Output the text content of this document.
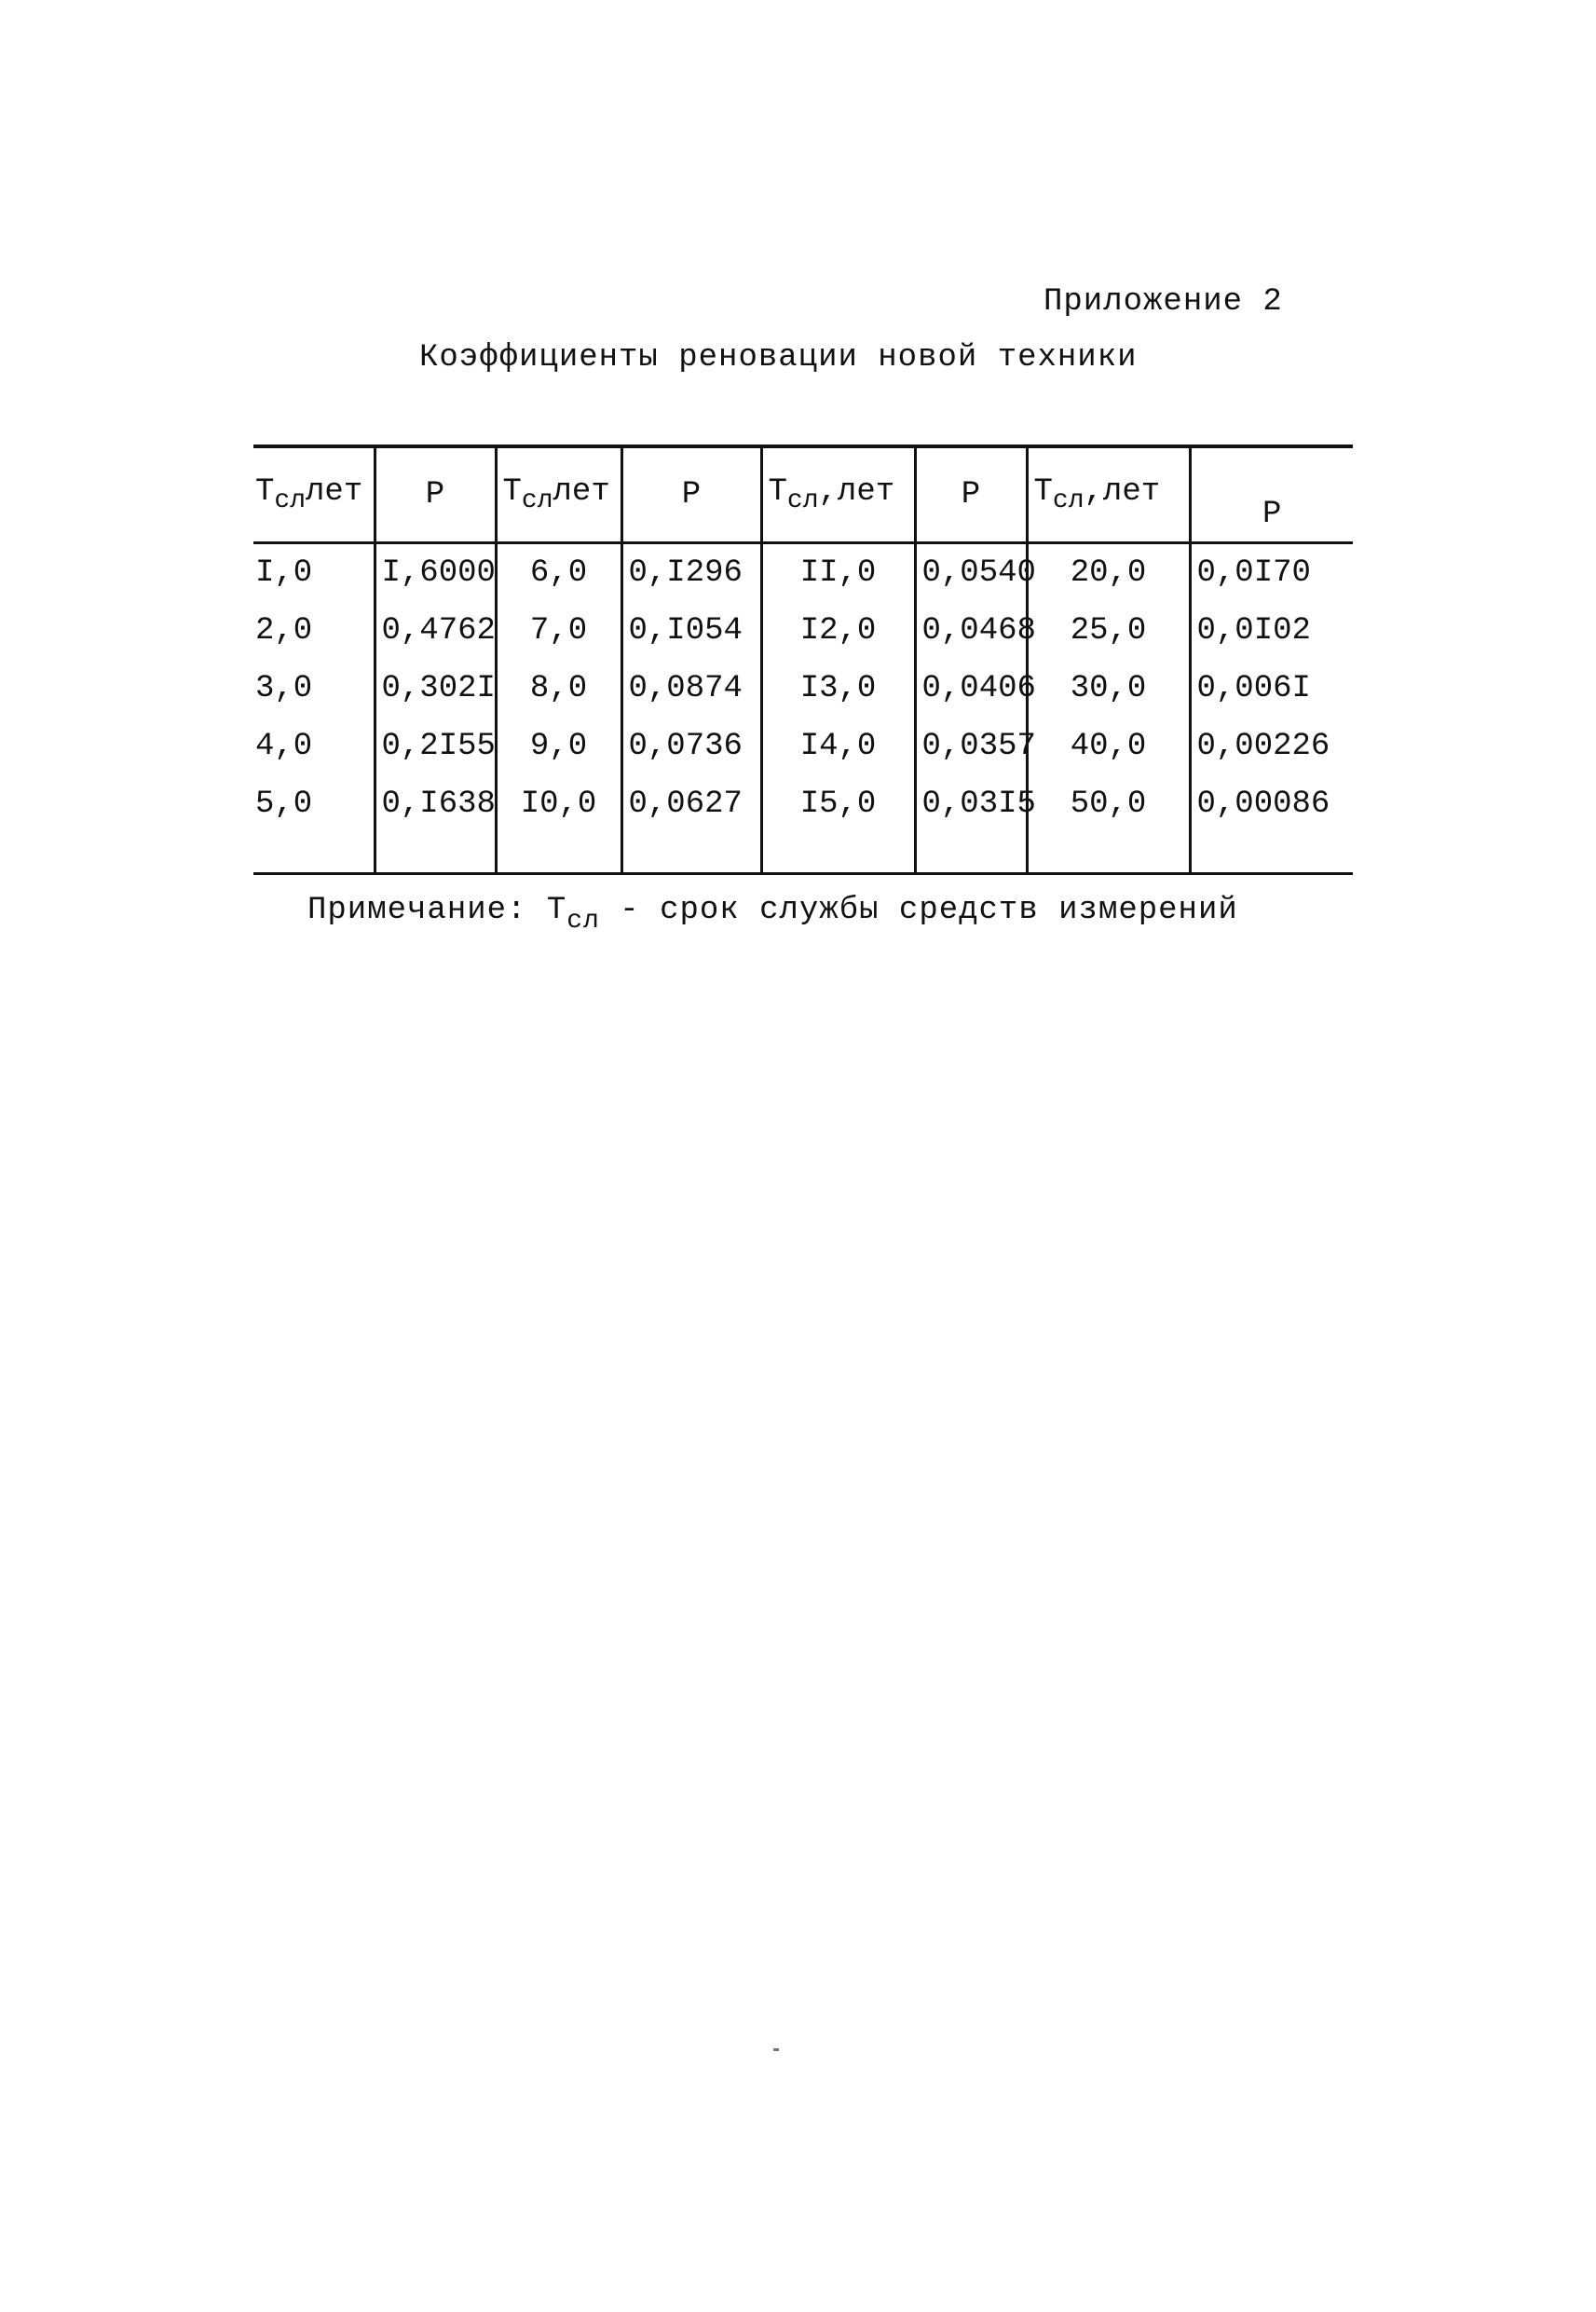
Приложение 2
Коэффициенты реновации новой техники
$T_{сл}лет$	P	$T_{сл}лет$	P	$T_{сл},лет$	P	$T_{сл},лет$	P
I,0	I,6000	6,0	0,I296	II,0	0,0540	20,0	0,0I70
2,0	0,4762	7,0	0,I054	I2,0	0,0468	25,0	0,0I02
3,0	0,302I	8,0	0,0874	I3,0	0,0406	30,0	0,006I
4,0	0,2I55	9,0	0,0736	I4,0	0,0357	40,0	0,00226
5,0	0,I638	I0,0	0,0627	I5,0	0,03I5	50,0	0,00086

Примечание: $T_{сл}$ - срок службы средств измерений
